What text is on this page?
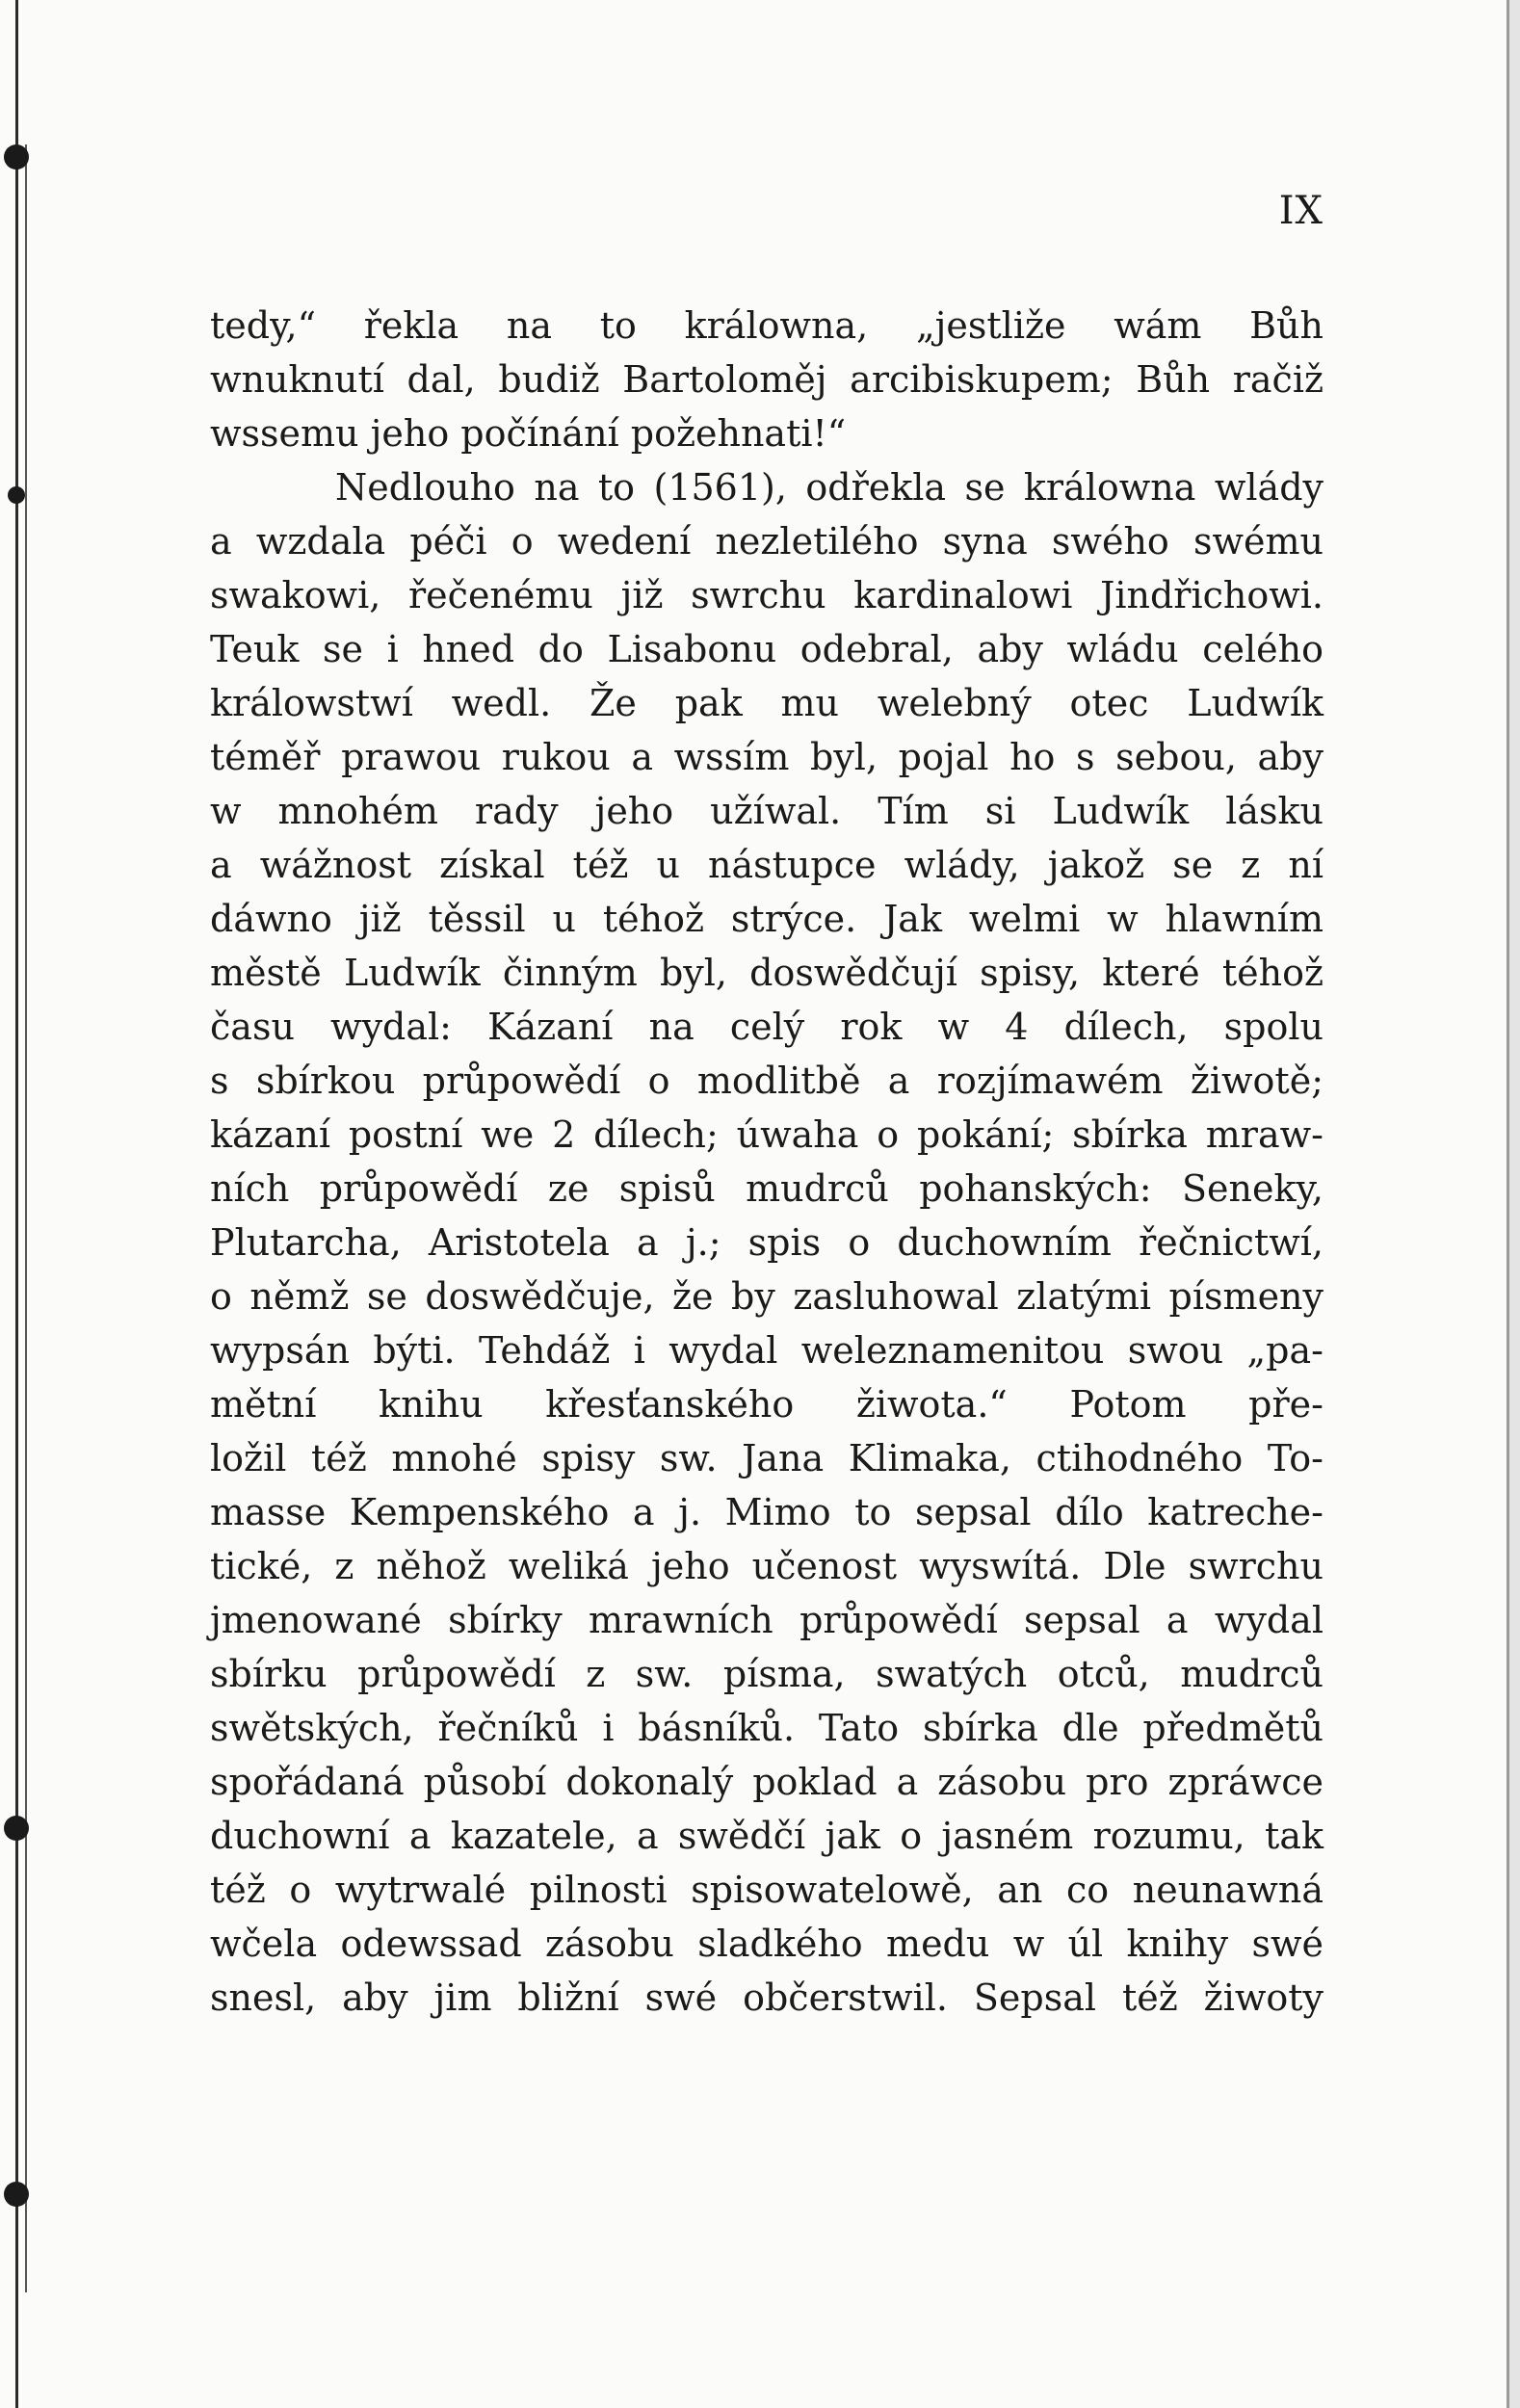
IX
tedy,“ řekla na to králowna, „jestliže wám Bůh
wnuknutí dal, budiž Bartoloměj arcibiskupem; Bůh račiž
wssemu jeho počínání požehnati!“
Nedlouho na to (1561), odřekla se králowna wlády
a wzdala péči o wedení nezletilého syna swého swému
swakowi, řečenému již swrchu kardinalowi Jindřichowi.
Teuk se i hned do Lisabonu odebral, aby wládu celého
králowstwí wedl. Že pak mu welebný otec Ludwík
téměř prawou rukou a wssím byl, pojal ho s sebou, aby
w mnohém rady jeho užíwal. Tím si Ludwík lásku
a wážnost získal též u nástupce wlády, jakož se z ní
dáwno již těssil u téhož strýce. Jak welmi w hlawním
městě Ludwík činným byl, doswědčují spisy, které téhož
času wydal: Kázaní na celý rok w 4 dílech, spolu
s sbírkou průpowědí o modlitbě a rozjímawém žiwotě;
kázaní postní we 2 dílech; úwaha o pokání; sbírka mraw-
ních průpowědí ze spisů mudrců pohanských: Seneky,
Plutarcha, Aristotela a j.; spis o duchowním řečnictwí,
o němž se doswědčuje, že by zasluhowal zlatými písmeny
wypsán býti. Tehdáž i wydal weleznamenitou swou „pa-
mětní knihu křesťanského žiwota.“ Potom pře-
ložil též mnohé spisy sw. Jana Klimaka, ctihodného To-
masse Kempenského a j. Mimo to sepsal dílo katreche-
tické, z něhož weliká jeho učenost wyswítá. Dle swrchu
jmenowané sbírky mrawních průpowědí sepsal a wydal
sbírku průpowědí z sw. písma, swatých otců, mudrců
swětských, řečníků i básníků. Tato sbírka dle předmětů
spořádaná působí dokonalý poklad a zásobu pro zpráwce
duchowní a kazatele, a swědčí jak o jasném rozumu, tak
též o wytrwalé pilnosti spisowatelowě, an co neunawná
wčela odewssad zásobu sladkého medu w úl knihy swé
snesl, aby jim bližní swé občerstwil. Sepsal též žiwoty
